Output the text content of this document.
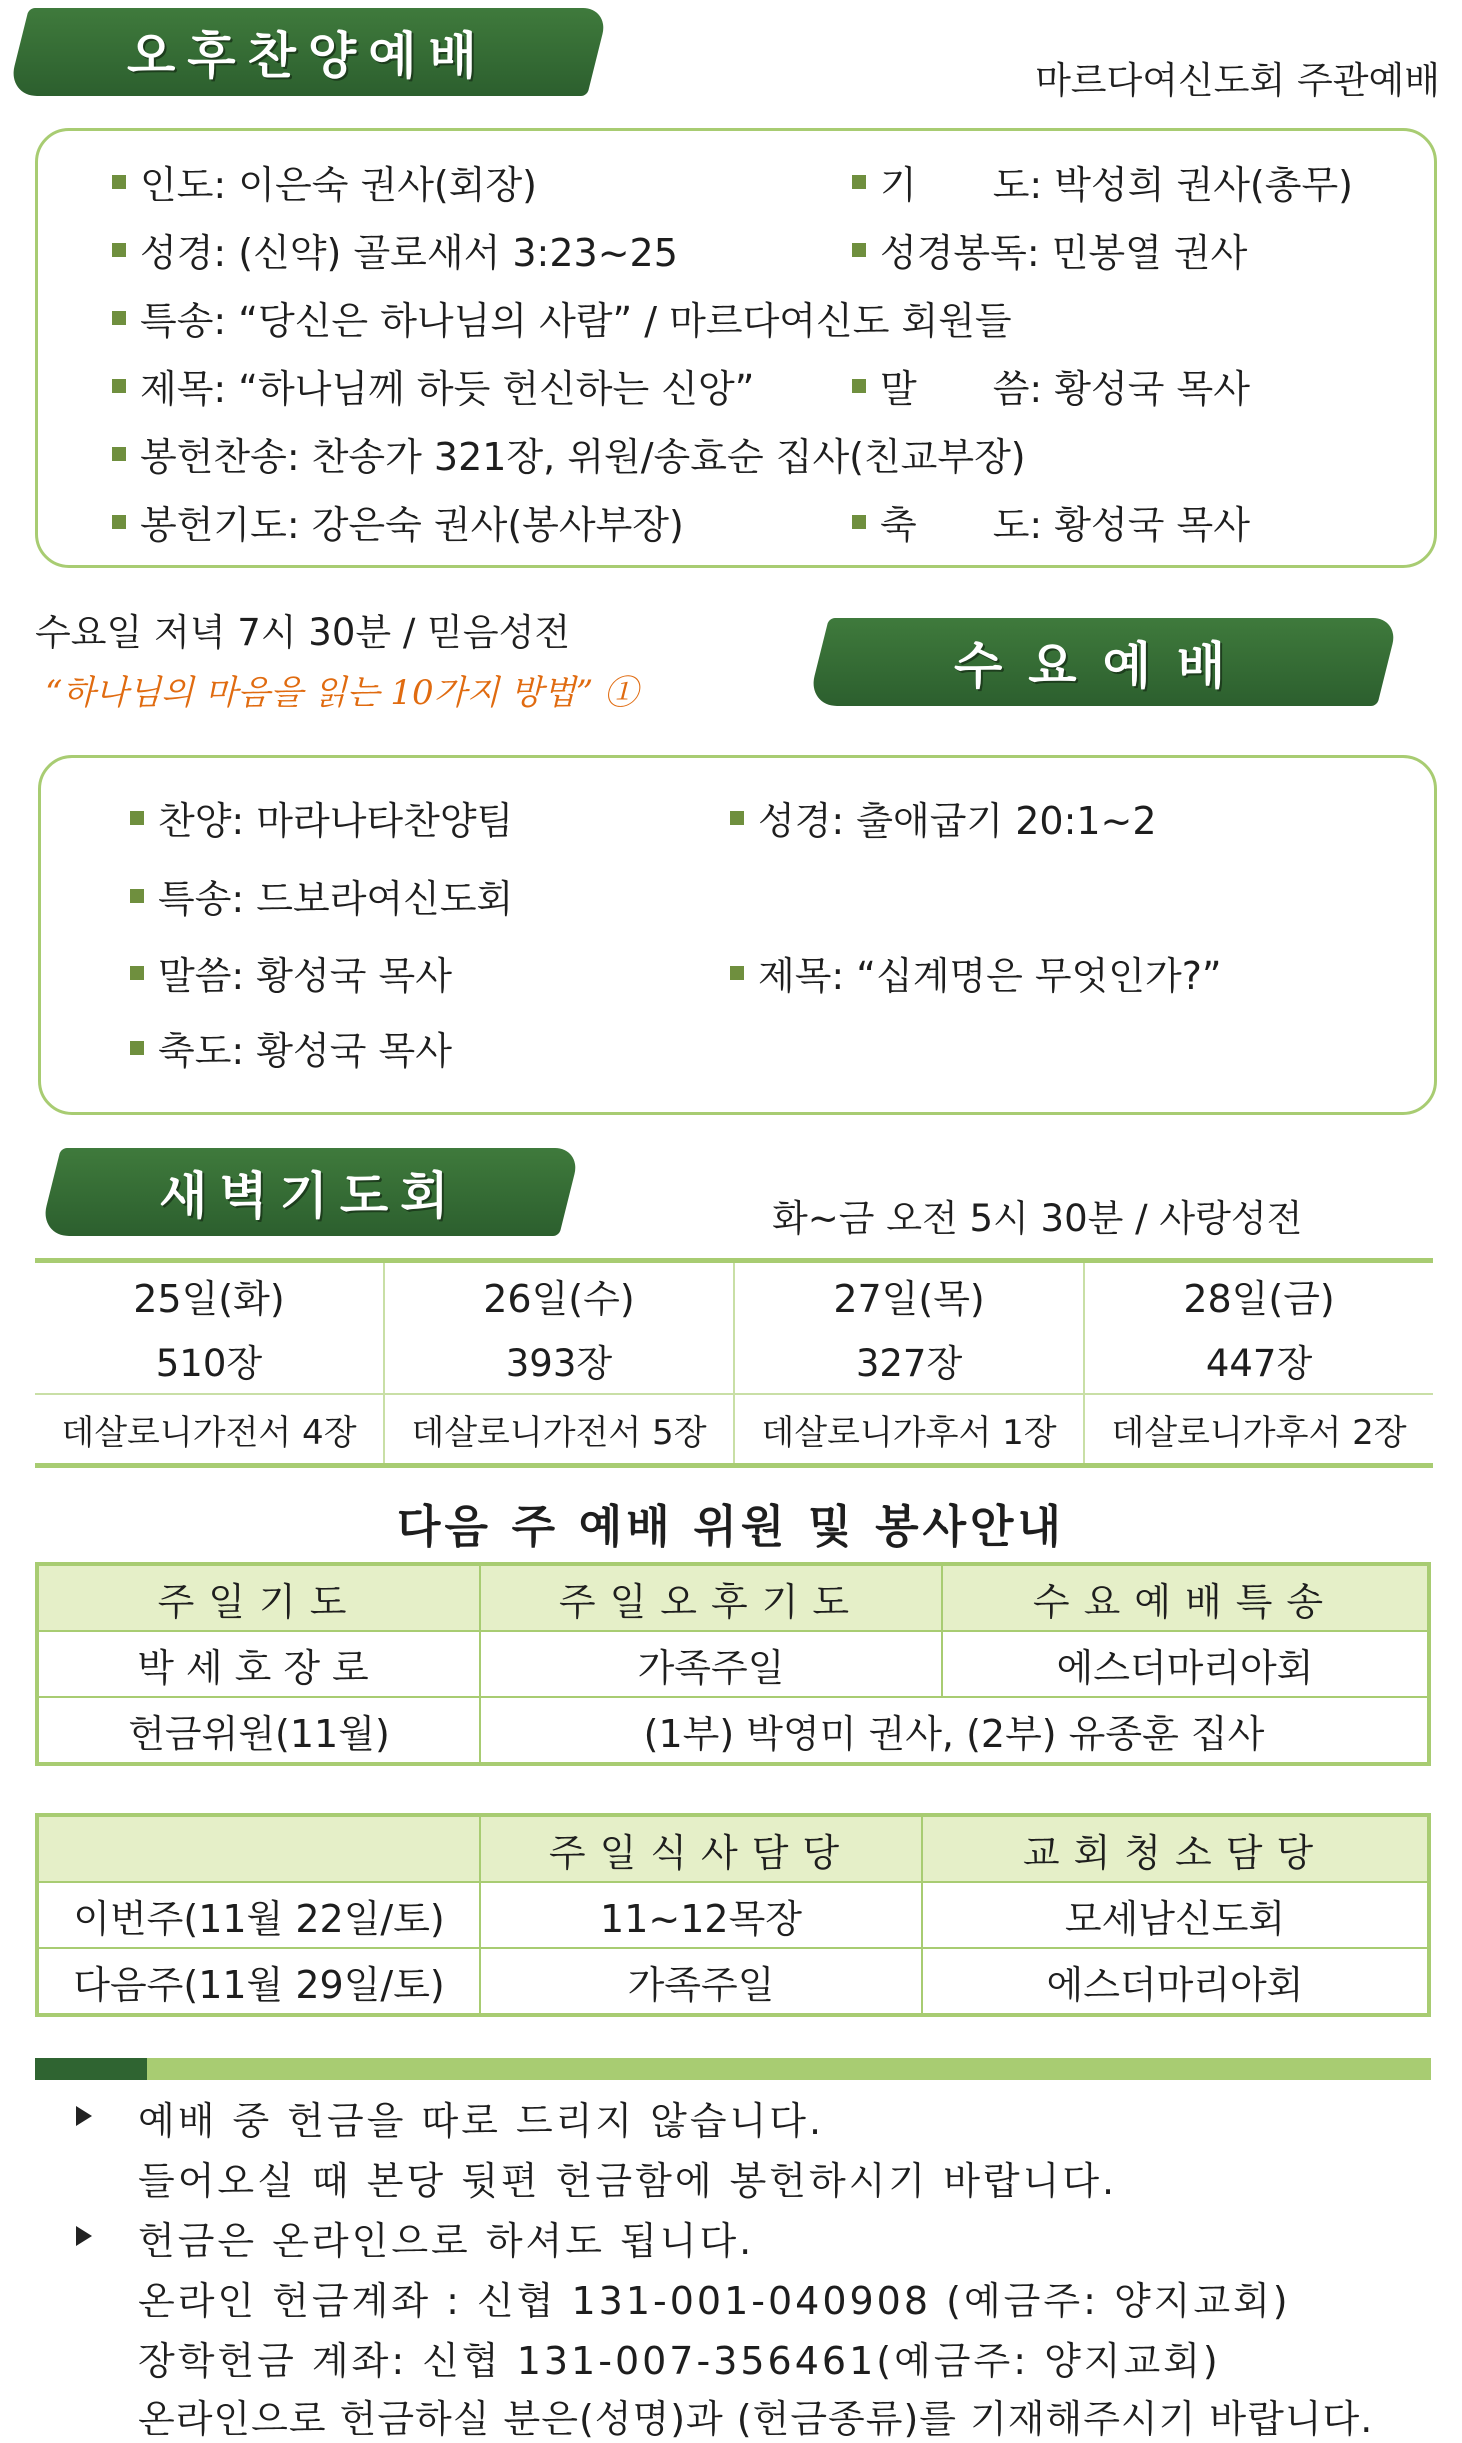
오후찬양예배	마르다여신도회 주관예배
인도: 이은숙 권사(회장)	기　　도: 박성희 권사(총무)
성경: (신약) 골로새서 3:23~25	성경봉독: 민봉열 권사
특송: “당신은 하나님의 사람” / 마르다여신도 회원들
제목: “하나님께 하듯 헌신하는 신앙”	말　　씀: 황성국 목사
봉헌찬송: 찬송가 321장, 위원/송효순 집사(친교부장)
봉헌기도: 강은숙 권사(봉사부장)	축　　도: 황성국 목사
수요일 저녁 7시 30분 / 믿음성전
“하나님의 마음을 읽는 10가지 방법” ①	수요예배
찬양: 마라나타찬양팀	성경: 출애굽기 20:1~2
특송: 드보라여신도회
말씀: 황성국 목사	제목: “십계명은 무엇인가?”
축도: 황성국 목사
새벽기도회	화~금 오전 5시 30분 / 사랑성전
25일(화)	26일(수)	27일(목)	28일(금)
510장	393장	327장	447장
데살로니가전서 4장	데살로니가전서 5장	데살로니가후서 1장	데살로니가후서 2장
다음 주 예배 위원 및 봉사안내
주일기도	주일오후기도	수요예배특송
박세호장로	가족주일	에스더마리아회
헌금위원(11월)	(1부) 박영미 권사, (2부) 유종훈 집사	
	주일식사담당	교회청소담당
이번주(11월 22일/토)	11~12목장	모세남신도회
다음주(11월 29일/토)	가족주일	에스더마리아회
예배 중 헌금을 따로 드리지 않습니다.
들어오실 때 본당 뒷편 헌금함에 봉헌하시기 바랍니다.
헌금은 온라인으로 하셔도 됩니다.
온라인 헌금계좌 : 신협 131-001-040908 (예금주: 양지교회)
장학헌금 계좌: 신협 131-007-356461(예금주: 양지교회)
온라인으로 헌금하실 분은(성명)과 (헌금종류)를 기재해주시기 바랍니다.
